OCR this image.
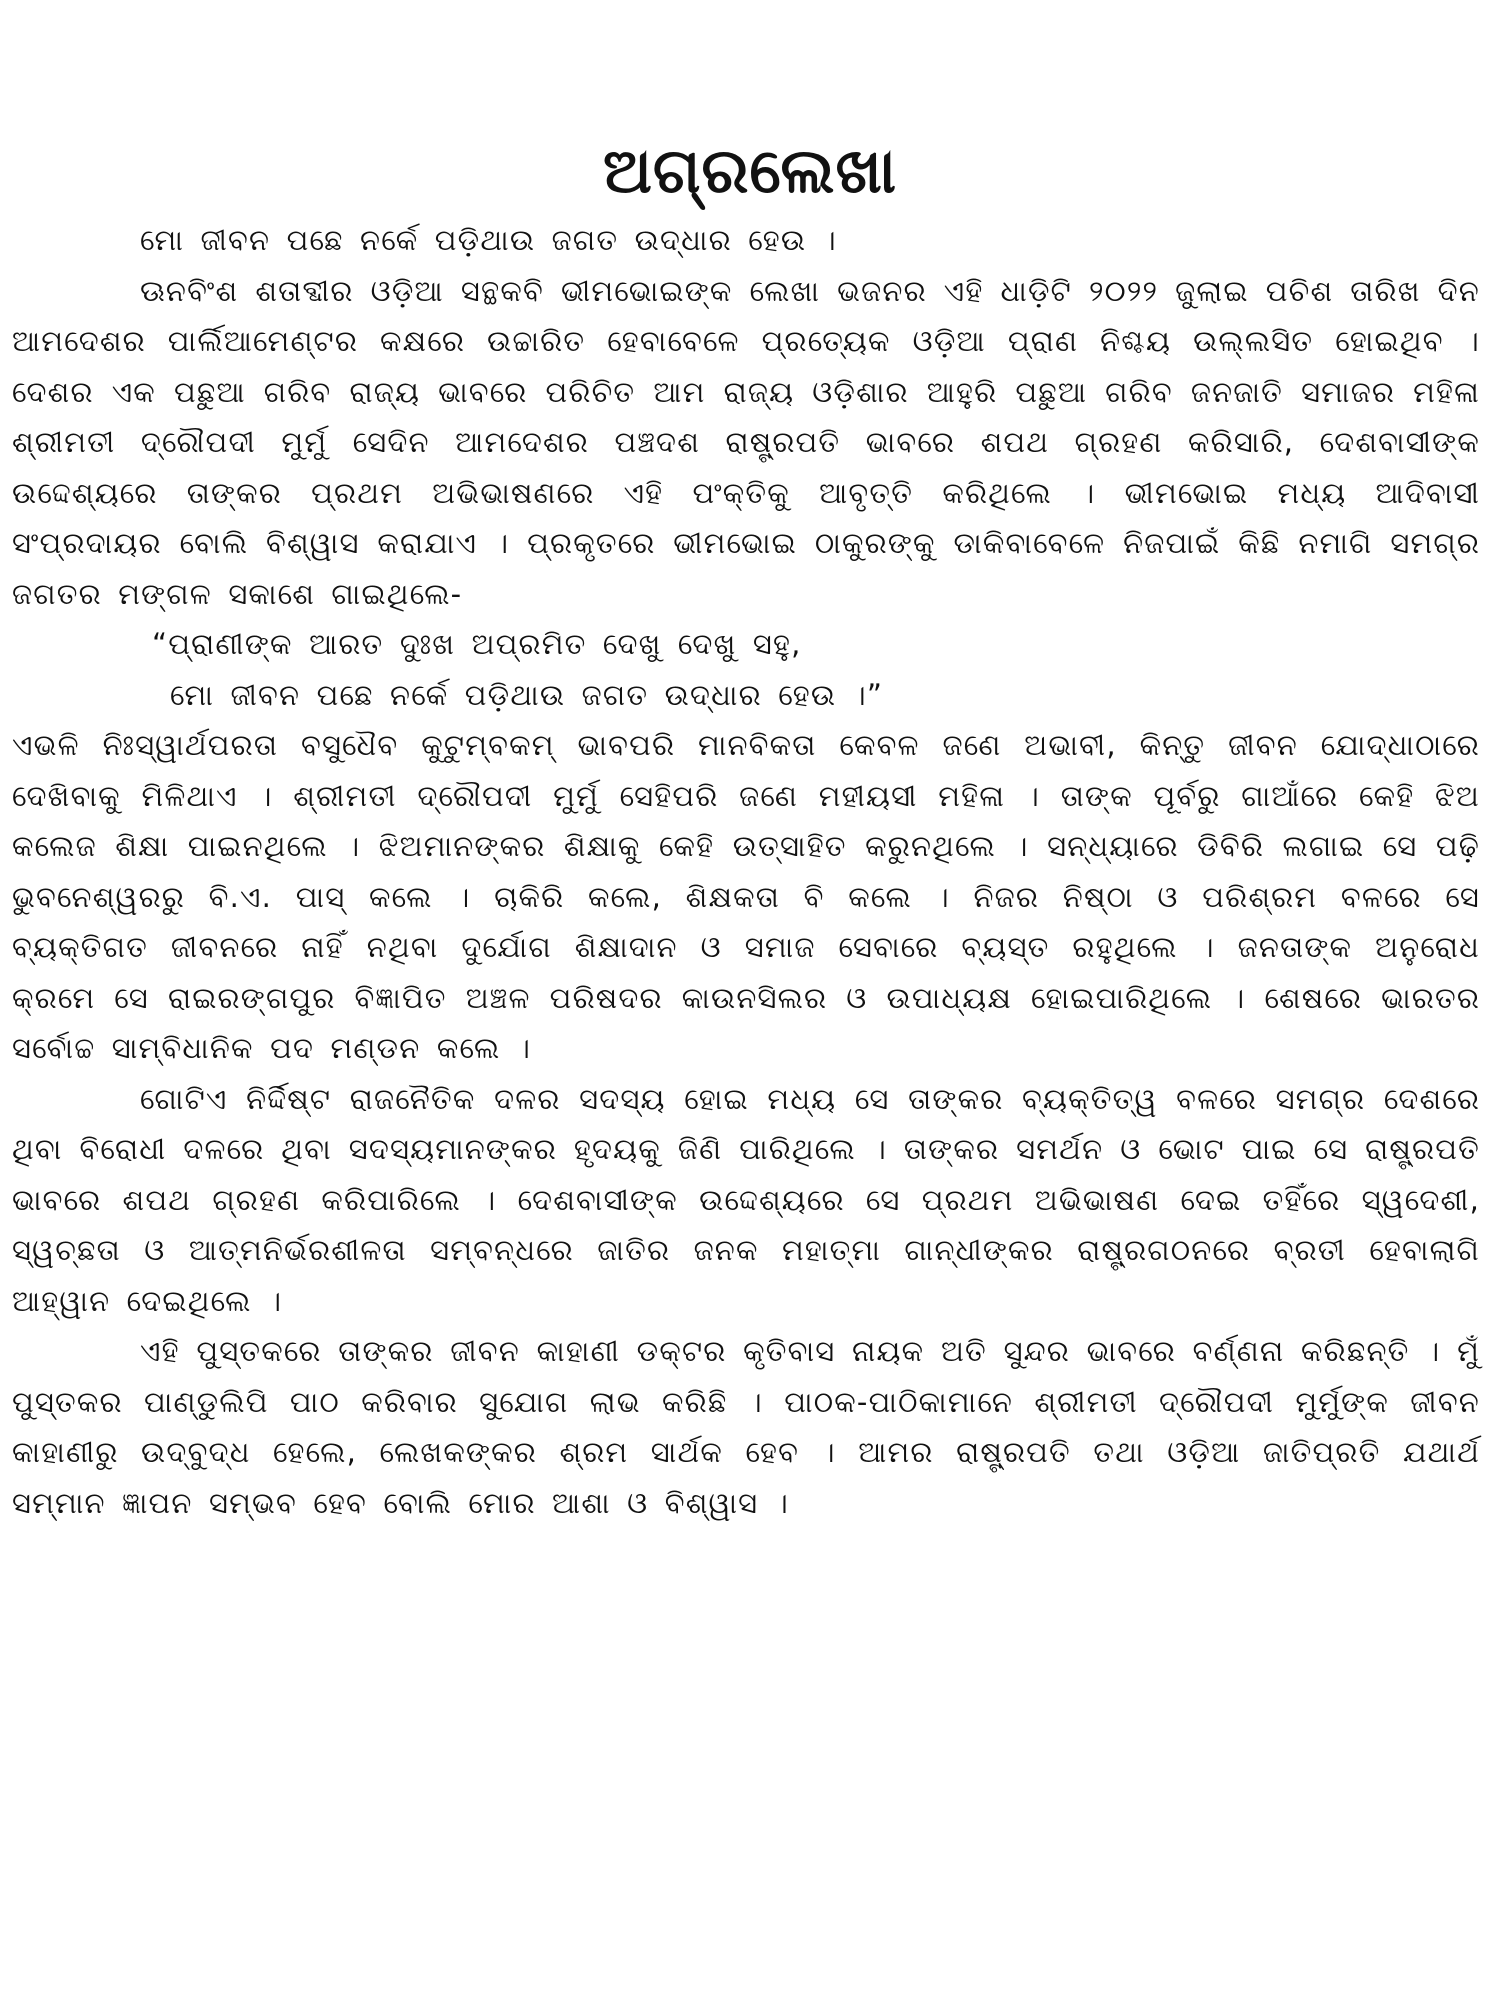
ଅଗ୍ରଲେଖା

ମୋ ଜୀବନ ପଛେ ନର୍କେ ପଡ଼ିଥାଉ ଜଗତ ଉଦ୍ଧାର ହେଉ ।

ଊନବିଂଶ ଶତାବ୍ଦୀର ଓଡ଼ିଆ ସନ୍ଥକବି ଭୀମଭୋଇଙ୍କ ଲେଖା ଭଜନର ଏହି ଧାଡ଼ିଟି ୨୦୨୨ ଜୁଲାଇ ପଚିଶ ତାରିଖ ଦିନ ଆମଦେଶର ପାର୍ଲିଆମେଣ୍ଟର କକ୍ଷରେ ଉଚ୍ଚାରିତ ହେବାବେଳେ ପ୍ରତ୍ୟେକ ଓଡ଼ିଆ ପ୍ରାଣ ନିଶ୍ଚୟ ଉଲ୍ଲସିତ ହୋଇଥିବ । ଦେଶର ଏକ ପଛୁଆ ଗରିବ ରାଜ୍ୟ ଭାବରେ ପରିଚିତ ଆମ ରାଜ୍ୟ ଓଡ଼ିଶାର ଆହୁରି ପଛୁଆ ଗରିବ ଜନଜାତି ସମାଜର ମହିଳା ଶ୍ରୀମତୀ ଦ୍ରୌପଦୀ ମୁର୍ମୁ ସେଦିନ ଆମଦେଶର ପଞ୍ଚଦଶ ରାଷ୍ଟ୍ରପତି ଭାବରେ ଶପଥ ଗ୍ରହଣ କରିସାରି, ଦେଶବାସୀଙ୍କ ଉଦ୍ଦେଶ୍ୟରେ ତାଙ୍କର ପ୍ରଥମ ଅଭିଭାଷଣରେ ଏହି ପଂକ୍ତିକୁ ଆବୃତ୍ତି କରିଥିଲେ । ଭୀମଭୋଇ ମଧ୍ୟ ଆଦିବାସୀ ସଂପ୍ରଦାୟର ବୋଲି ବିଶ୍ୱାସ କରାଯାଏ । ପ୍ରକୃତରେ ଭୀମଭୋଇ ଠାକୁରଙ୍କୁ ଡାକିବାବେଳେ ନିଜପାଇଁ କିଛି ନମାଗି ସମଗ୍ର ଜଗତର ମଙ୍ଗଳ ସକାଶେ ଗାଇଥିଲେ-

“ପ୍ରାଣୀଙ୍କ ଆରତ ଦୁଃଖ ଅପ୍ରମିତ ଦେଖୁ ଦେଖୁ ସହୁ,
ମୋ ଜୀବନ ପଛେ ନର୍କେ ପଡ଼ିଥାଉ ଜଗତ ଉଦ୍ଧାର ହେଉ ।”

ଏଭଳି ନିଃସ୍ୱାର୍ଥପରତା ବସୁଧୈବ କୁଟୁମ୍ବକମ୍ ଭାବପରି ମାନବିକତା କେବଳ ଜଣେ ଅଭାବୀ, କିନ୍ତୁ ଜୀବନ ଯୋଦ୍ଧାଠାରେ ଦେଖିବାକୁ ମିଳିଥାଏ । ଶ୍ରୀମତୀ ଦ୍ରୌପଦୀ ମୁର୍ମୁ ସେହିପରି ଜଣେ ମହୀୟସୀ ମହିଳା । ତାଙ୍କ ପୂର୍ବରୁ ଗାଆଁରେ କେହି ଝିଅ କଲେଜ ଶିକ୍ଷା ପାଇନଥିଲେ । ଝିଅମାନଙ୍କର ଶିକ୍ଷାକୁ କେହି ଉତ୍ସାହିତ କରୁନଥିଲେ । ସନ୍ଧ୍ୟାରେ ଡିବିରି ଲଗାଇ ସେ ପଢ଼ି ଭୁବନେଶ୍ୱରରୁ ବି.ଏ. ପାସ୍ କଲେ । ଚାକିରି କଲେ, ଶିକ୍ଷକତା ବି କଲେ । ନିଜର ନିଷ୍ଠା ଓ ପରିଶ୍ରମ ବଳରେ ସେ ବ୍ୟକ୍ତିଗତ ଜୀବନରେ ନାହିଁ ନଥିବା ଦୁର୍ଯୋଗ ଶିକ୍ଷାଦାନ ଓ ସମାଜ ସେବାରେ ବ୍ୟସ୍ତ ରହୁଥିଲେ । ଜନତାଙ୍କ ଅନୁରୋଧ କ୍ରମେ ସେ ରାଇରଙ୍ଗପୁର ବିଜ୍ଞାପିତ ଅଞ୍ଚଳ ପରିଷଦର କାଉନସିଲର ଓ ଉପାଧ୍ୟକ୍ଷ ହୋଇପାରିଥିଲେ । ଶେଷରେ ଭାରତର ସର୍ବୋଚ୍ଚ ସାମ୍ବିଧାନିକ ପଦ ମଣ୍ଡନ କଲେ ।

ଗୋଟିଏ ନିର୍ଦ୍ଦିଷ୍ଟ ରାଜନୈତିକ ଦଳର ସଦସ୍ୟ ହୋଇ ମଧ୍ୟ ସେ ତାଙ୍କର ବ୍ୟକ୍ତିତ୍ୱ ବଳରେ ସମଗ୍ର ଦେଶରେ ଥିବା ବିରୋଧୀ ଦଳରେ ଥିବା ସଦସ୍ୟମାନଙ୍କର ହୃଦୟକୁ ଜିଣି ପାରିଥିଲେ । ତାଙ୍କର ସମର୍ଥନ ଓ ଭୋଟ ପାଇ ସେ ରାଷ୍ଟ୍ରପତି ଭାବରେ ଶପଥ ଗ୍ରହଣ କରିପାରିଲେ । ଦେଶବାସୀଙ୍କ ଉଦ୍ଦେଶ୍ୟରେ ସେ ପ୍ରଥମ ଅଭିଭାଷଣ ଦେଇ ତହିଁରେ ସ୍ୱଦେଶୀ, ସ୍ୱଚ୍ଛତା ଓ ଆତ୍ମନିର୍ଭରଶୀଳତା ସମ୍ବନ୍ଧରେ ଜାତିର ଜନକ ମହାତ୍ମା ଗାନ୍ଧୀଙ୍କର ରାଷ୍ଟ୍ରଗଠନରେ ବ୍ରତୀ ହେବାଲାଗି ଆହ୍ୱାନ ଦେଇଥିଲେ ।

ଏହି ପୁସ୍ତକରେ ତାଙ୍କର ଜୀବନ କାହାଣୀ ଡକ୍ଟର କୃତିବାସ ନାୟକ ଅତି ସୁନ୍ଦର ଭାବରେ ବର୍ଣ୍ଣନା କରିଛନ୍ତି । ମୁଁ ପୁସ୍ତକର ପାଣ୍ଡୁଲିପି ପାଠ କରିବାର ସୁଯୋଗ ଲାଭ କରିଛି । ପାଠକ-ପାଠିକାମାନେ ଶ୍ରୀମତୀ ଦ୍ରୌପଦୀ ମୁର୍ମୁଙ୍କ ଜୀବନ କାହାଣୀରୁ ଉଦ୍‌ବୁଦ୍ଧ ହେଲେ, ଲେଖକଙ୍କର ଶ୍ରମ ସାର୍ଥକ ହେବ । ଆମର ରାଷ୍ଟ୍ରପତି ତଥା ଓଡ଼ିଆ ଜାତିପ୍ରତି ଯଥାର୍ଥ ସମ୍ମାନ ଜ୍ଞାପନ ସମ୍ଭବ ହେବ ବୋଲି ମୋର ଆଶା ଓ ବିଶ୍ୱାସ ।
